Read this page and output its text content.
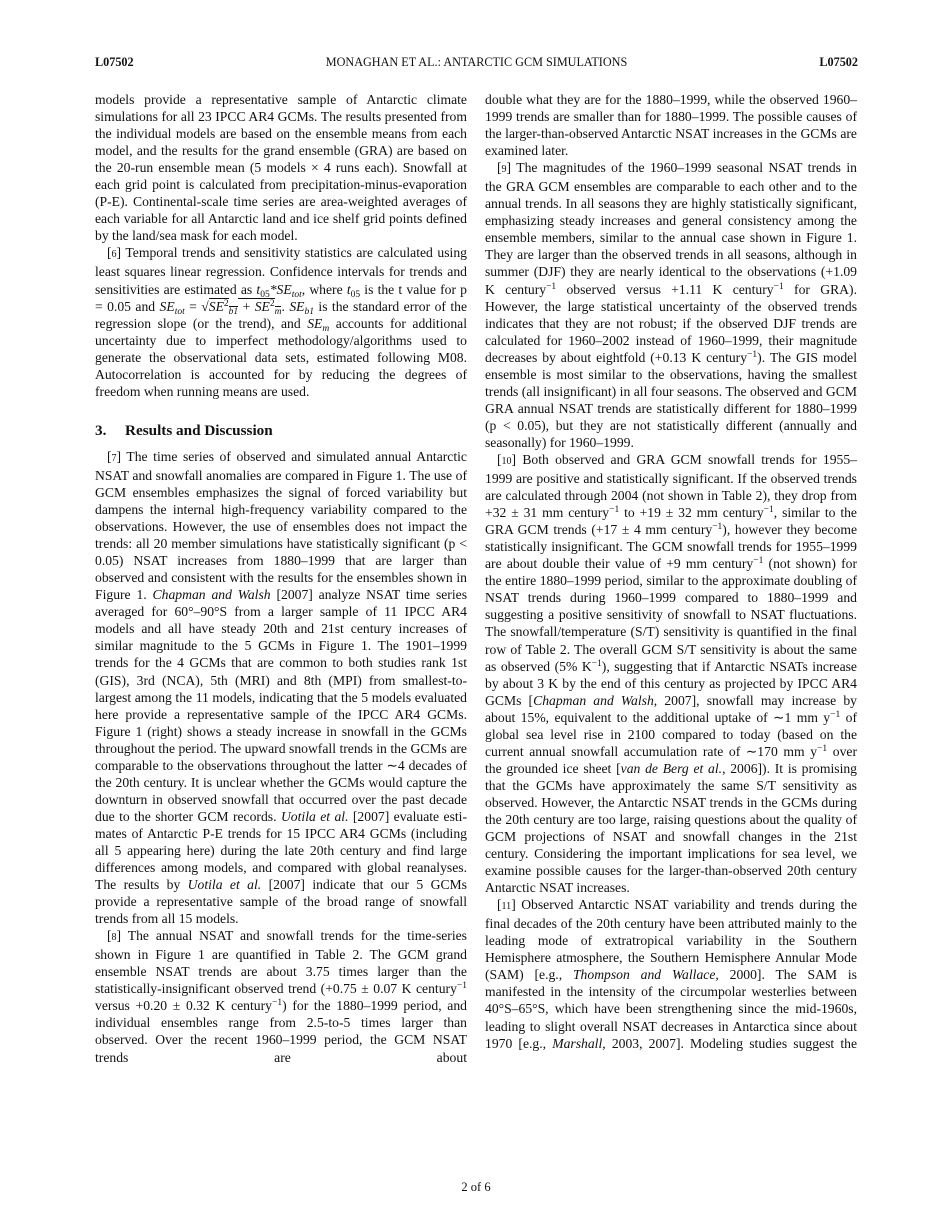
L07502	MONAGHAN ET AL.: ANTARCTIC GCM SIMULATIONS	L07502

models provide a representative sample of Antarctic climate simulations for all 23 IPCC AR4 GCMs. The results presented from the individual models are based on the ensemble means from each model, and the results for the grand ensemble (GRA) are based on the 20-run ensemble mean (5 models × 4 runs each). Snowfall at each grid point is calculated from precipitation-minus-evaporation (P-E). Continental-scale time series are area-weighted averages of each variable for all Antarctic land and ice shelf grid points defined by the land/sea mask for each model.

[6] Temporal trends and sensitivity statistics are calculated using least squares linear regression. Confidence intervals for trends and sensitivities are estimated as $t_{05}*SE_{tot}$, where $t_{05}$ is the t value for p = 0.05 and $SE_{tot} = √SE^2_{b1} + SE^2_m$. $SE_{b1}$ is the standard error of the regression slope (or the trend), and $SE_m$ accounts for additional uncertainty due to imperfect methodology/algorithms used to generate the observational data sets, estimated following M08. Autocorrelation is accounted for by reducing the degrees of freedom when running means are used.

3. Results and Discussion

[7] The time series of observed and simulated annual Antarctic NSAT and snowfall anomalies are compared in Figure 1. The use of GCM ensembles emphasizes the signal of forced variability but dampens the internal high-frequency variability compared to the observations. However, the use of ensembles does not impact the trends: all 20 member simulations have statistically significant (p < 0.05) NSAT increases from 1880–1999 that are larger than observed and consistent with the results for the ensembles shown in Figure 1. Chapman and Walsh [2007] analyze NSAT time series averaged for 60°–90°S from a larger sample of 11 IPCC AR4 models and all have steady 20th and 21st century increases of similar magnitude to the 5 GCMs in Figure 1. The 1901–1999 trends for the 4 GCMs that are common to both studies rank 1st (GIS), 3rd (NCA), 5th (MRI) and 8th (MPI) from smallest-to-largest among the 11 models, indicating that the 5 models evaluated here provide a representative sample of the IPCC AR4 GCMs. Figure 1 (right) shows a steady increase in snowfall in the GCMs throughout the period. The upward snowfall trends in the GCMs are comparable to the observations throughout the latter ∼4 decades of the 20th century. It is unclear whether the GCMs would capture the downturn in observed snowfall that occurred over the past decade due to the shorter GCM records. Uotila et al. [2007] evaluate estimates of Antarctic P-E trends for 15 IPCC AR4 GCMs (including all 5 appearing here) during the late 20th century and find large differences among models, and compared with global reanalyses. The results by Uotila et al. [2007] indicate that our 5 GCMs provide a representative sample of the broad range of snowfall trends from all 15 models.

[8] The annual NSAT and snowfall trends for the time-series shown in Figure 1 are quantified in Table 2. The GCM grand ensemble NSAT trends are about 3.75 times larger than the statistically-insignificant observed trend (+0.75 ± 0.07 K century$^{-1}$ versus +0.20 ± 0.32 K century$^{-1}$) for the 1880–1999 period, and individual ensembles range from 2.5-to-5 times larger than observed. Over the recent 1960–1999 period, the GCM NSAT trends are about

double what they are for the 1880–1999, while the observed 1960–1999 trends are smaller than for 1880–1999. The possible causes of the larger-than-observed Antarctic NSAT increases in the GCMs are examined later.

[9] The magnitudes of the 1960–1999 seasonal NSAT trends in the GRA GCM ensembles are comparable to each other and to the annual trends. In all seasons they are highly statistically significant, emphasizing steady increases and general consistency among the ensemble members, similar to the annual case shown in Figure 1. They are larger than the observed trends in all seasons, although in summer (DJF) they are nearly identical to the observations (+1.09 K century$^{-1}$ observed versus +1.11 K century$^{-1}$ for GRA). However, the large statistical uncertainty of the observed trends indicates that they are not robust; if the observed DJF trends are calculated for 1960–2002 instead of 1960–1999, their magnitude decreases by about eightfold (+0.13 K century$^{-1}$). The GIS model ensemble is most similar to the observations, having the smallest trends (all insignificant) in all four seasons. The observed and GCM GRA annual NSAT trends are statistically different for 1880–1999 (p < 0.05), but they are not statistically different (annually and seasonally) for 1960–1999.

[10] Both observed and GRA GCM snowfall trends for 1955–1999 are positive and statistically significant. If the observed trends are calculated through 2004 (not shown in Table 2), they drop from +32 ± 31 mm century$^{-1}$ to +19 ± 32 mm century$^{-1}$, similar to the GRA GCM trends (+17 ± 4 mm century$^{-1}$), however they become statistically insignificant. The GCM snowfall trends for 1955–1999 are about double their value of +9 mm century$^{-1}$ (not shown) for the entire 1880–1999 period, similar to the approximate doubling of NSAT trends during 1960–1999 compared to 1880–1999 and suggesting a positive sensitivity of snowfall to NSAT fluctuations. The snowfall/temperature (S/T) sensitivity is quantified in the final row of Table 2. The overall GCM S/T sensitivity is about the same as observed (5% $K^{-1}$), suggesting that if Antarctic NSATs increase by about 3 K by the end of this century as projected by IPCC AR4 GCMs [Chapman and Walsh, 2007], snowfall may increase by about 15%, equivalent to the additional uptake of ∼1 mm $y^{-1}$ of global sea level rise in 2100 compared to today (based on the current annual snowfall accumulation rate of ∼170 mm $y^{-1}$ over the grounded ice sheet [van de Berg et al., 2006]). It is promising that the GCMs have approximately the same S/T sensitivity as observed. However, the Antarctic NSAT trends in the GCMs during the 20th century are too large, raising questions about the quality of GCM projections of NSAT and snowfall changes in the 21st century. Considering the important implications for sea level, we examine possible causes for the larger-than-observed 20th century Antarctic NSAT increases.

[11] Observed Antarctic NSAT variability and trends during the final decades of the 20th century have been attributed mainly to the leading mode of extratropical variability in the Southern Hemisphere atmosphere, the Southern Hemisphere Annular Mode (SAM) [e.g., Thompson and Wallace, 2000]. The SAM is manifested in the intensity of the circumpolar westerlies between 40°S–65°S, which have been strengthening since the mid-1960s, leading to slight overall NSAT decreases in Antarctica since about 1970 [e.g., Marshall, 2003, 2007]. Modeling studies suggest the

2 of 6
